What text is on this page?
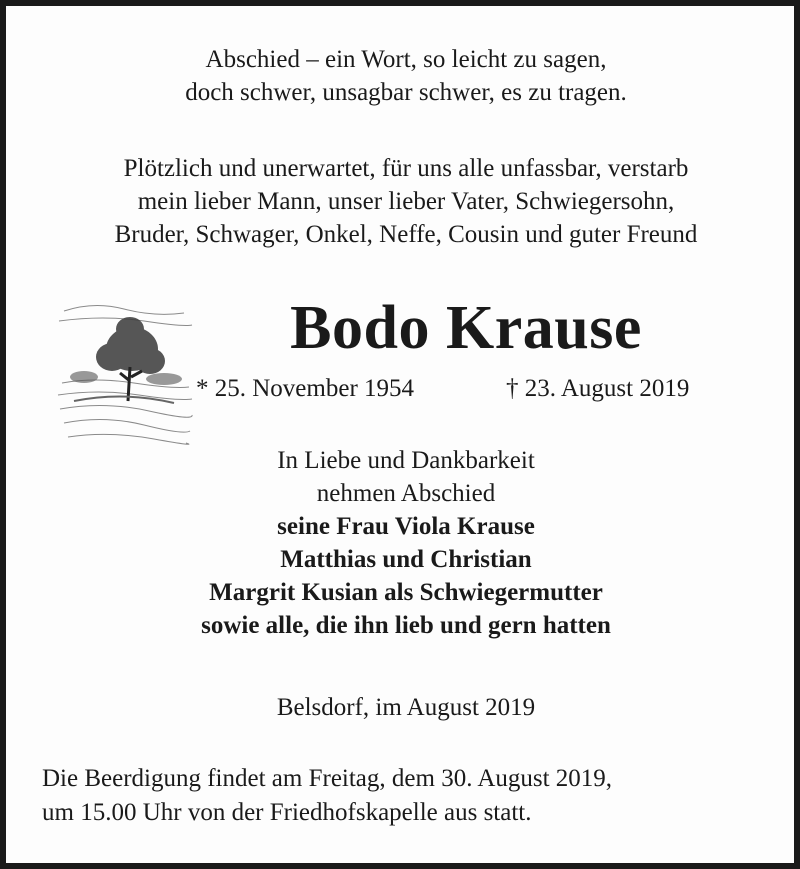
Abschied – ein Wort, so leicht zu sagen,
doch schwer, unsagbar schwer, es zu tragen.
Plötzlich und unerwartet, für uns alle unfassbar, verstarb
mein lieber Mann, unser lieber Vater, Schwiegersohn,
Bruder, Schwager, Onkel, Neffe, Cousin und guter Freund
Bodo Krause
* 25. November 1954	† 23. August 2019
In Liebe und Dankbarkeit
nehmen Abschied
seine Frau Viola Krause
Matthias und Christian
Margrit Kusian als Schwiegermutter
sowie alle, die ihn lieb und gern hatten
Belsdorf, im August 2019
Die Beerdigung findet am Freitag, dem 30. August 2019,
um 15.00 Uhr von der Friedhofskapelle aus statt.
